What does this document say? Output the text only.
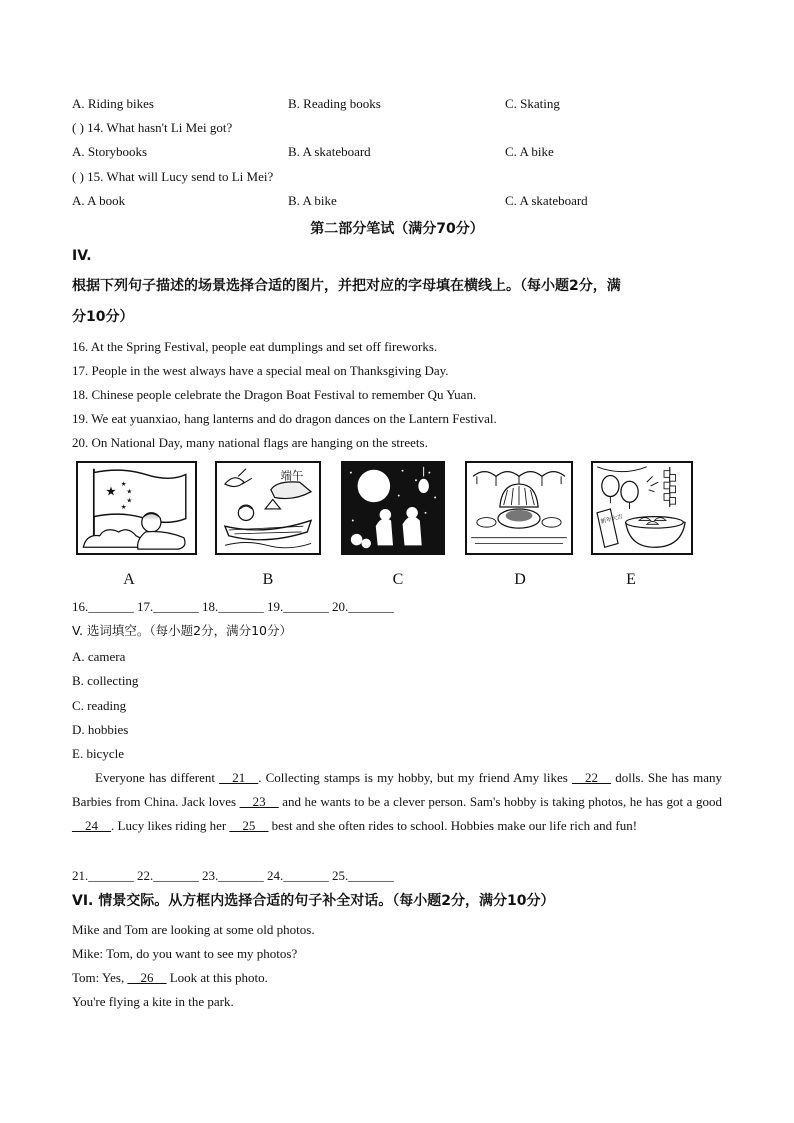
A. Riding bikes	B. Reading books	C. Skating
( ) 14. What hasn't Li Mei got?
A. Storybooks	B. A skateboard	C. A bike
( ) 15. What will Lucy send to Li Mei?
A. A book	B. A bike	C. A skateboard
第二部分笔试（满分70分）
IV.
根据下列句子描述的场景选择合适的图片，并把对应的字母填在横线上。（每小题2分，满
分10分）
16. At the Spring Festival, people eat dumplings and set off fireworks.
17. People in the west always have a special meal on Thanksgiving Day.
18. Chinese people celebrate the Dragon Boat Festival to remember Qu Yuan.
19. We eat yuanxiao, hang lanterns and do dragon dances on the Lantern Festival.
20. On National Day, many national flags are hanging on the streets.
★
★
★
★
★
端午
新年大吉
A	B	C	D	E
16._______ 17._______ 18._______ 19._______ 20._______
V. 选词填空。（每小题2分，满分10分）
A. camera
B. collecting
C. reading
D. hobbies
E. bicycle
Everyone has different __21__. Collecting stamps is my hobby, but my friend Amy likes __22__ dolls. She has many Barbies from China. Jack loves __23__ and he wants to be a clever person. Sam's hobby is taking photos, he has got a good __24__. Lucy likes riding her __25__ best and she often rides to school. Hobbies make our life rich and fun!
21._______ 22._______ 23._______ 24._______ 25._______
VI. 情景交际。从方框内选择合适的句子补全对话。（每小题2分，满分10分）
Mike and Tom are looking at some old photos.
Mike: Tom, do you want to see my photos?
Tom: Yes, __26__ Look at this photo.
You're flying a kite in the park.
